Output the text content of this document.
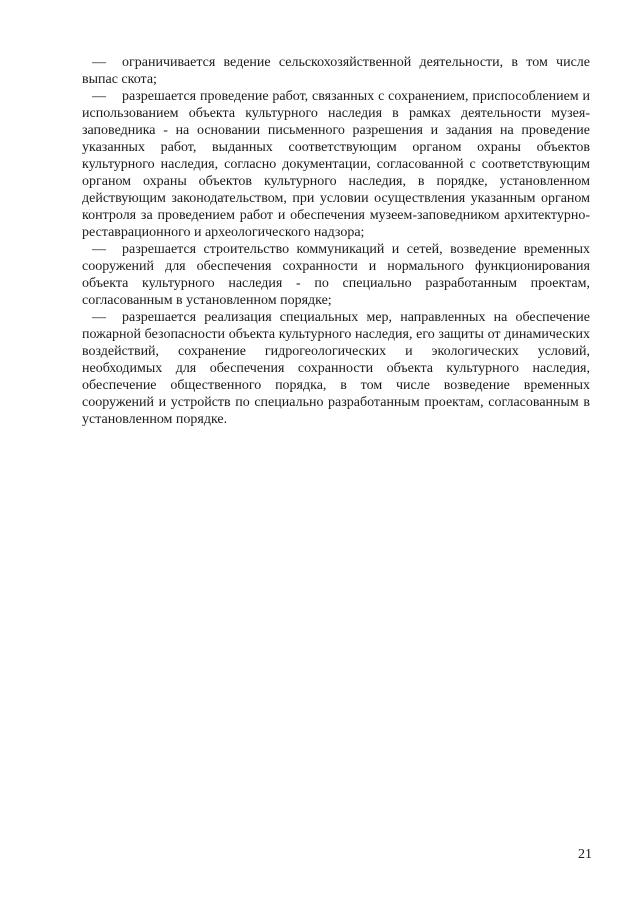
— ограничивается ведение сельскохозяйственной деятельности, в том числе выпас скота;

— разрешается проведение работ, связанных с сохранением, приспособлением и использованием объекта культурного наследия в рамках деятельности музея-заповедника - на основании письменного разрешения и задания на проведение указанных работ, выданных соответствующим органом охраны объектов культурного наследия, согласно документации, согласованной с соответствующим органом охраны объектов культурного наследия, в порядке, установленном действующим законодательством, при условии осуществления указанным органом контроля за проведением работ и обеспечения музеем-заповедником архитектурно-реставрационного и археологического надзора;

— разрешается строительство коммуникаций и сетей, возведение временных сооружений для обеспечения сохранности и нормального функционирования объекта культурного наследия - по специально разработанным проектам, согласованным в установленном порядке;

— разрешается реализация специальных мер, направленных на обеспечение пожарной безопасности объекта культурного наследия, его защиты от динамических воздействий, сохранение гидрогеологических и экологических условий, необходимых для обеспечения сохранности объекта культурного наследия, обеспечение общественного порядка, в том числе возведение временных сооружений и устройств по специально разработанным проектам, согласованным в установленном порядке.

21
